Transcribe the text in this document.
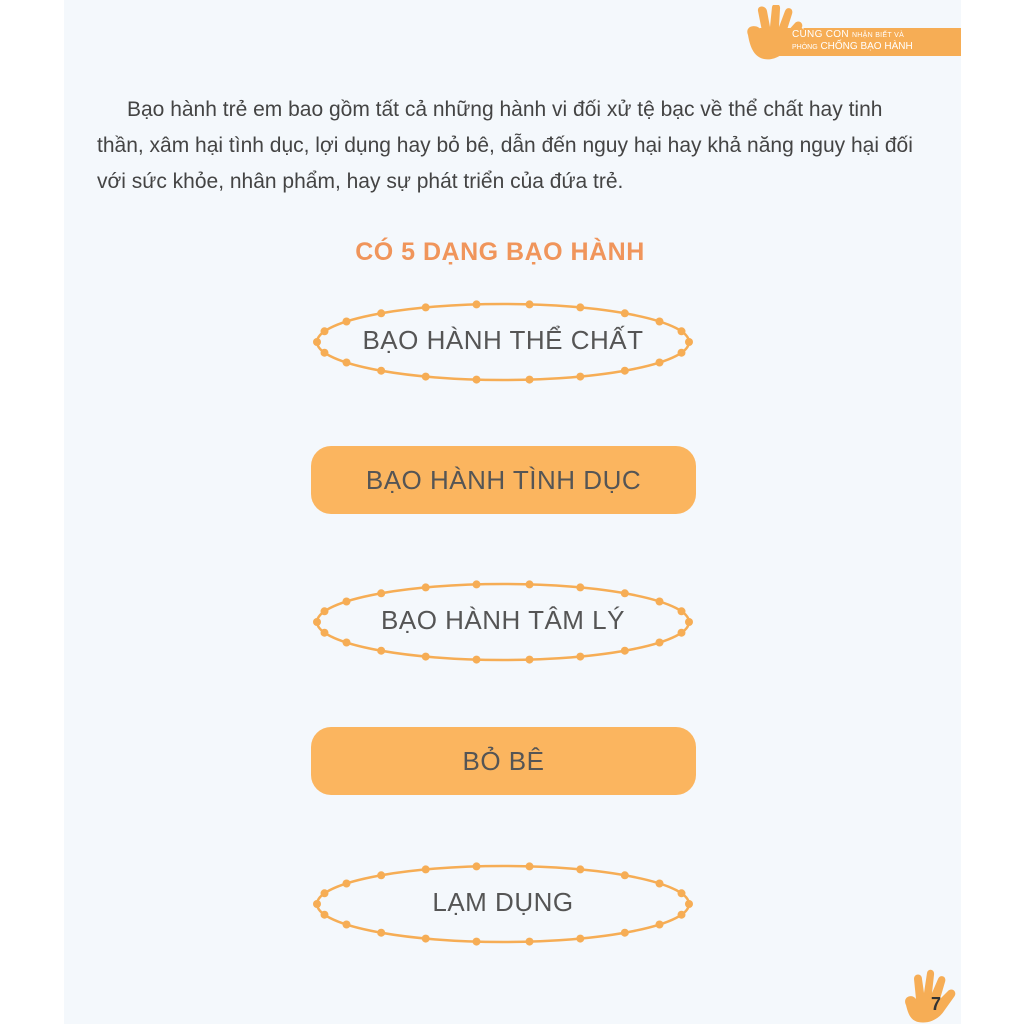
CÙNG CON NHẬN BIẾT VÀ
PHÒNG CHỐNG BẠO HÀNH

Bạo hành trẻ em bao gồm tất cả những hành vi đối xử tệ bạc về thể chất hay tinh thần, xâm hại tình dục, lợi dụng hay bỏ bê, dẫn đến nguy hại hay khả năng nguy hại đối với sức khỏe, nhân phẩm, hay sự phát triển của đứa trẻ.

CÓ 5 DẠNG BẠO HÀNH
BẠO HÀNH THỂ CHẤT
BẠO HÀNH TÌNH DỤC
BẠO HÀNH TÂM LÝ
BỎ BÊ
LẠM DỤNG
7
